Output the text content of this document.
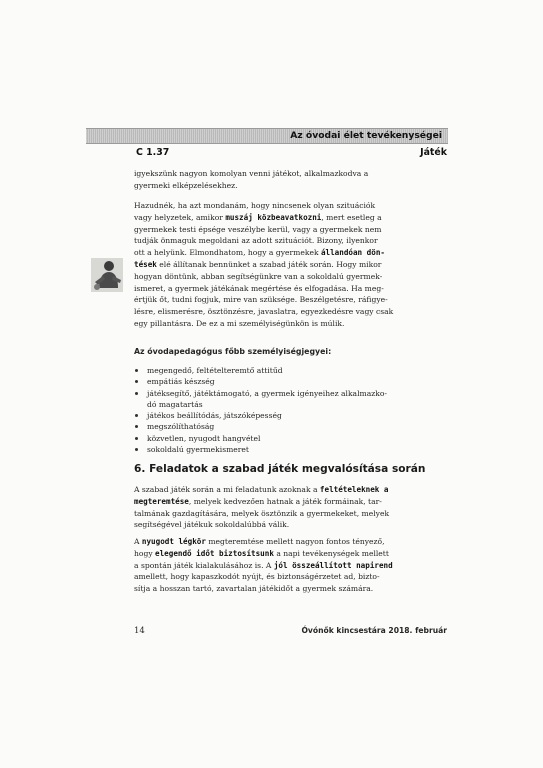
Az óvodai élet tevékenységei
C 1.37	Játék

igyekszünk nagyon komolyan venni játékot, alkalmazkodva a

gyermeki elképzelésekhez.

Hazudnék, ha azt mondanám, hogy nincsenek olyan szituációk

vagy helyzetek, amikor muszáj közbeavatkozni, mert esetleg a

gyermekek testi épsége veszélybe kerül, vagy a gyermekek nem

tudják önmaguk megoldani az adott szituációt. Bizony, ilyenkor

ott a helyünk. Elmondhatom, hogy a gyermekek állandóan dön-

tések elé állítanak bennünket a szabad játék során. Hogy mikor

hogyan döntünk, abban segítségünkre van a sokoldalú gyermek-

ismeret, a gyermek játékának megértése és elfogadása. Ha meg-

értjük őt, tudni fogjuk, mire van szüksége. Beszélgetésre, ráfigye-

lésre, elismerésre, ösztönzésre, javaslatra, egyezkedésre vagy csak

egy pillantásra. De ez a mi személyiségünkön is múlik.

Az óvodapedagógus főbb személyiségjegyei:
megengedő, feltételteremtő attitűd
empátiás készség
játéksegítő, játéktámogató, a gyermek igényeihez alkalmazko-
dó magatartás
játékos beállítódás, játszóképesség
megszólíthatóság
közvetlen, nyugodt hangvétel
sokoldalú gyermekismeret
6. Feladatok a szabad játék megvalósítása során

A szabad játék során a mi feladatunk azoknak a feltételeknek a

megteremtése, melyek kedvezően hatnak a játék formáinak, tar-

talmának gazdagítására, melyek ösztönzik a gyermekeket, melyek

segítségével játékuk sokoldalúbbá válik.

A nyugodt légkör megteremtése mellett nagyon fontos tényező,

hogy elegendő időt biztosítsunk a napi tevékenységek mellett

a spontán játék kialakulásához is. A jól összeállított napirend

amellett, hogy kapaszkodót nyújt, és biztonságérzetet ad, bizto-

sítja a hosszan tartó, zavartalan játékidőt a gyermek számára.

14	Óvónők kincsestára 2018. február
